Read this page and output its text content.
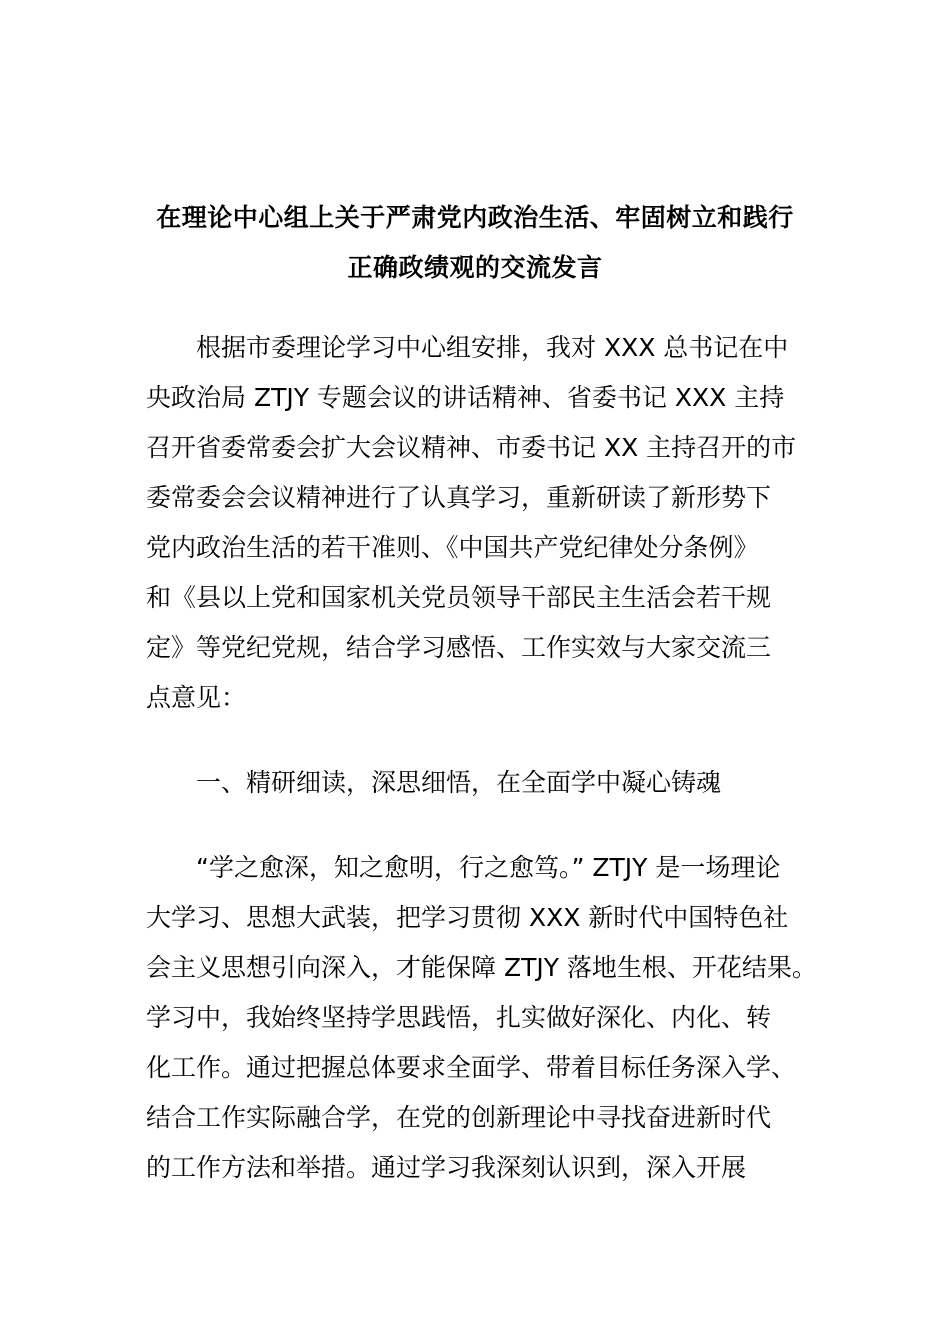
在理论中心组上关于严肃党内政治生活、牢固树立和践行
正确政绩观的交流发言
根据市委理论学习中心组安排，我对 XXX 总书记在中
央政治局 ZTJY 专题会议的讲话精神、省委书记 XXX 主持
召开省委常委会扩大会议精神、市委书记 XX 主持召开的市
委常委会会议精神进行了认真学习，重新研读了新形势下
党内政治生活的若干准则、《中国共产党纪律处分条例》
和《县以上党和国家机关党员领导干部民主生活会若干规
定》等党纪党规，结合学习感悟、工作实效与大家交流三
点意见：
一、精研细读，深思细悟，在全面学中凝心铸魂
“学之愈深，知之愈明，行之愈笃。” ZTJY 是一场理论
大学习、思想大武装，把学习贯彻 XXX 新时代中国特色社
会主义思想引向深入，才能保障 ZTJY 落地生根、开花结果。
学习中，我始终坚持学思践悟，扎实做好深化、内化、转
化工作。通过把握总体要求全面学、带着目标任务深入学、
结合工作实际融合学，在党的创新理论中寻找奋进新时代
的工作方法和举措。通过学习我深刻认识到，深入开展
